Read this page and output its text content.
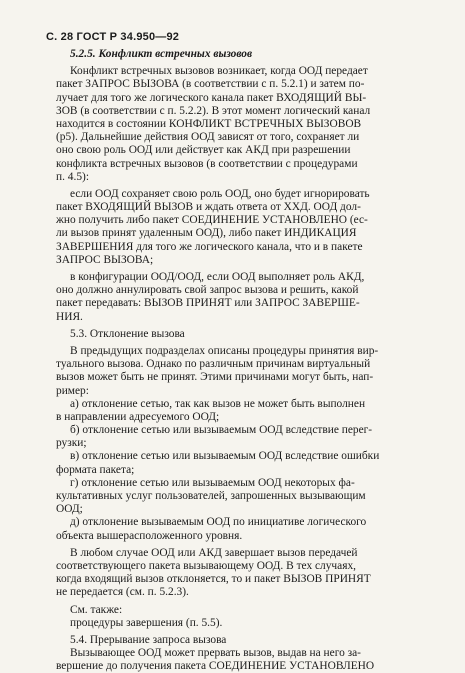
С. 28 ГОСТ Р 34.950—92
5.2.5. Конфликт встречных вызовов
Конфликт встречных вызовов возникает, когда ООД передает
пакет ЗАПРОС ВЫЗОВА (в соответствии с п. 5.2.1) и затем по-
лучает для того же логического канала пакет ВХОДЯЩИЙ ВЫ-
ЗОВ (в соответствии с п. 5.2.2). В этот момент логический канал
находится в состоянии КОНФЛИКТ ВСТРЕЧНЫХ ВЫЗОВОВ
(р5). Дальнейшие действия ООД зависят от того, сохраняет ли
оно свою роль ООД или действует как АКД при разрешении
конфликта встречных вызовов (в соответствии с процедурами
п. 4.5):
если ООД сохраняет свою роль ООД, оно будет игнорировать
пакет ВХОДЯЩИЙ ВЫЗОВ и ждать ответа от ХХД. ООД дол-
жно получить либо пакет СОЕДИНЕНИЕ УСТАНОВЛЕНО (ес-
ли вызов принят удаленным ООД), либо пакет ИНДИКАЦИЯ
ЗАВЕРШЕНИЯ для того же логического канала, что и в пакете
ЗАПРОС ВЫЗОВА;
в конфигурации ООД/ООД, если ООД выполняет роль АКД,
оно должно аннулировать свой запрос вызова и решить, какой
пакет передавать: ВЫЗОВ ПРИНЯТ или ЗАПРОС ЗАВЕРШЕ-
НИЯ.
5.3. Отклонение вызова
В предыдущих подразделах описаны процедуры принятия вир-
туального вызова. Однако по различным причинам виртуальный
вызов может быть не принят. Этими причинами могут быть, нап-
ример:
а) отклонение сетью, так как вызов не может быть выполнен
в направлении адресуемого ООД;
б) отклонение сетью или вызываемым ООД вследствие перег-
рузки;
в) отклонение сетью или вызываемым ООД вследствие ошибки
формата пакета;
г) отклонение сетью или вызываемым ООД некоторых фа-
культативных услуг пользователей, запрошенных вызывающим
ООД;
д) отклонение вызываемым ООД по инициативе логического
объекта вышерасположенного уровня.
В любом случае ООД или АКД завершает вызов передачей
соответствующего пакета вызывающему ООД. В тех случаях,
когда входящий вызов отклоняется, то и пакет ВЫЗОВ ПРИНЯТ
не передается (см. п. 5.2.3).
См. также:
процедуры завершения (п. 5.5).
5.4. Прерывание запроса вызова
Вызывающее ООД может прервать вызов, выдав на него за-
вершение до получения пакета СОЕДИНЕНИЕ УСТАНОВЛЕНО
